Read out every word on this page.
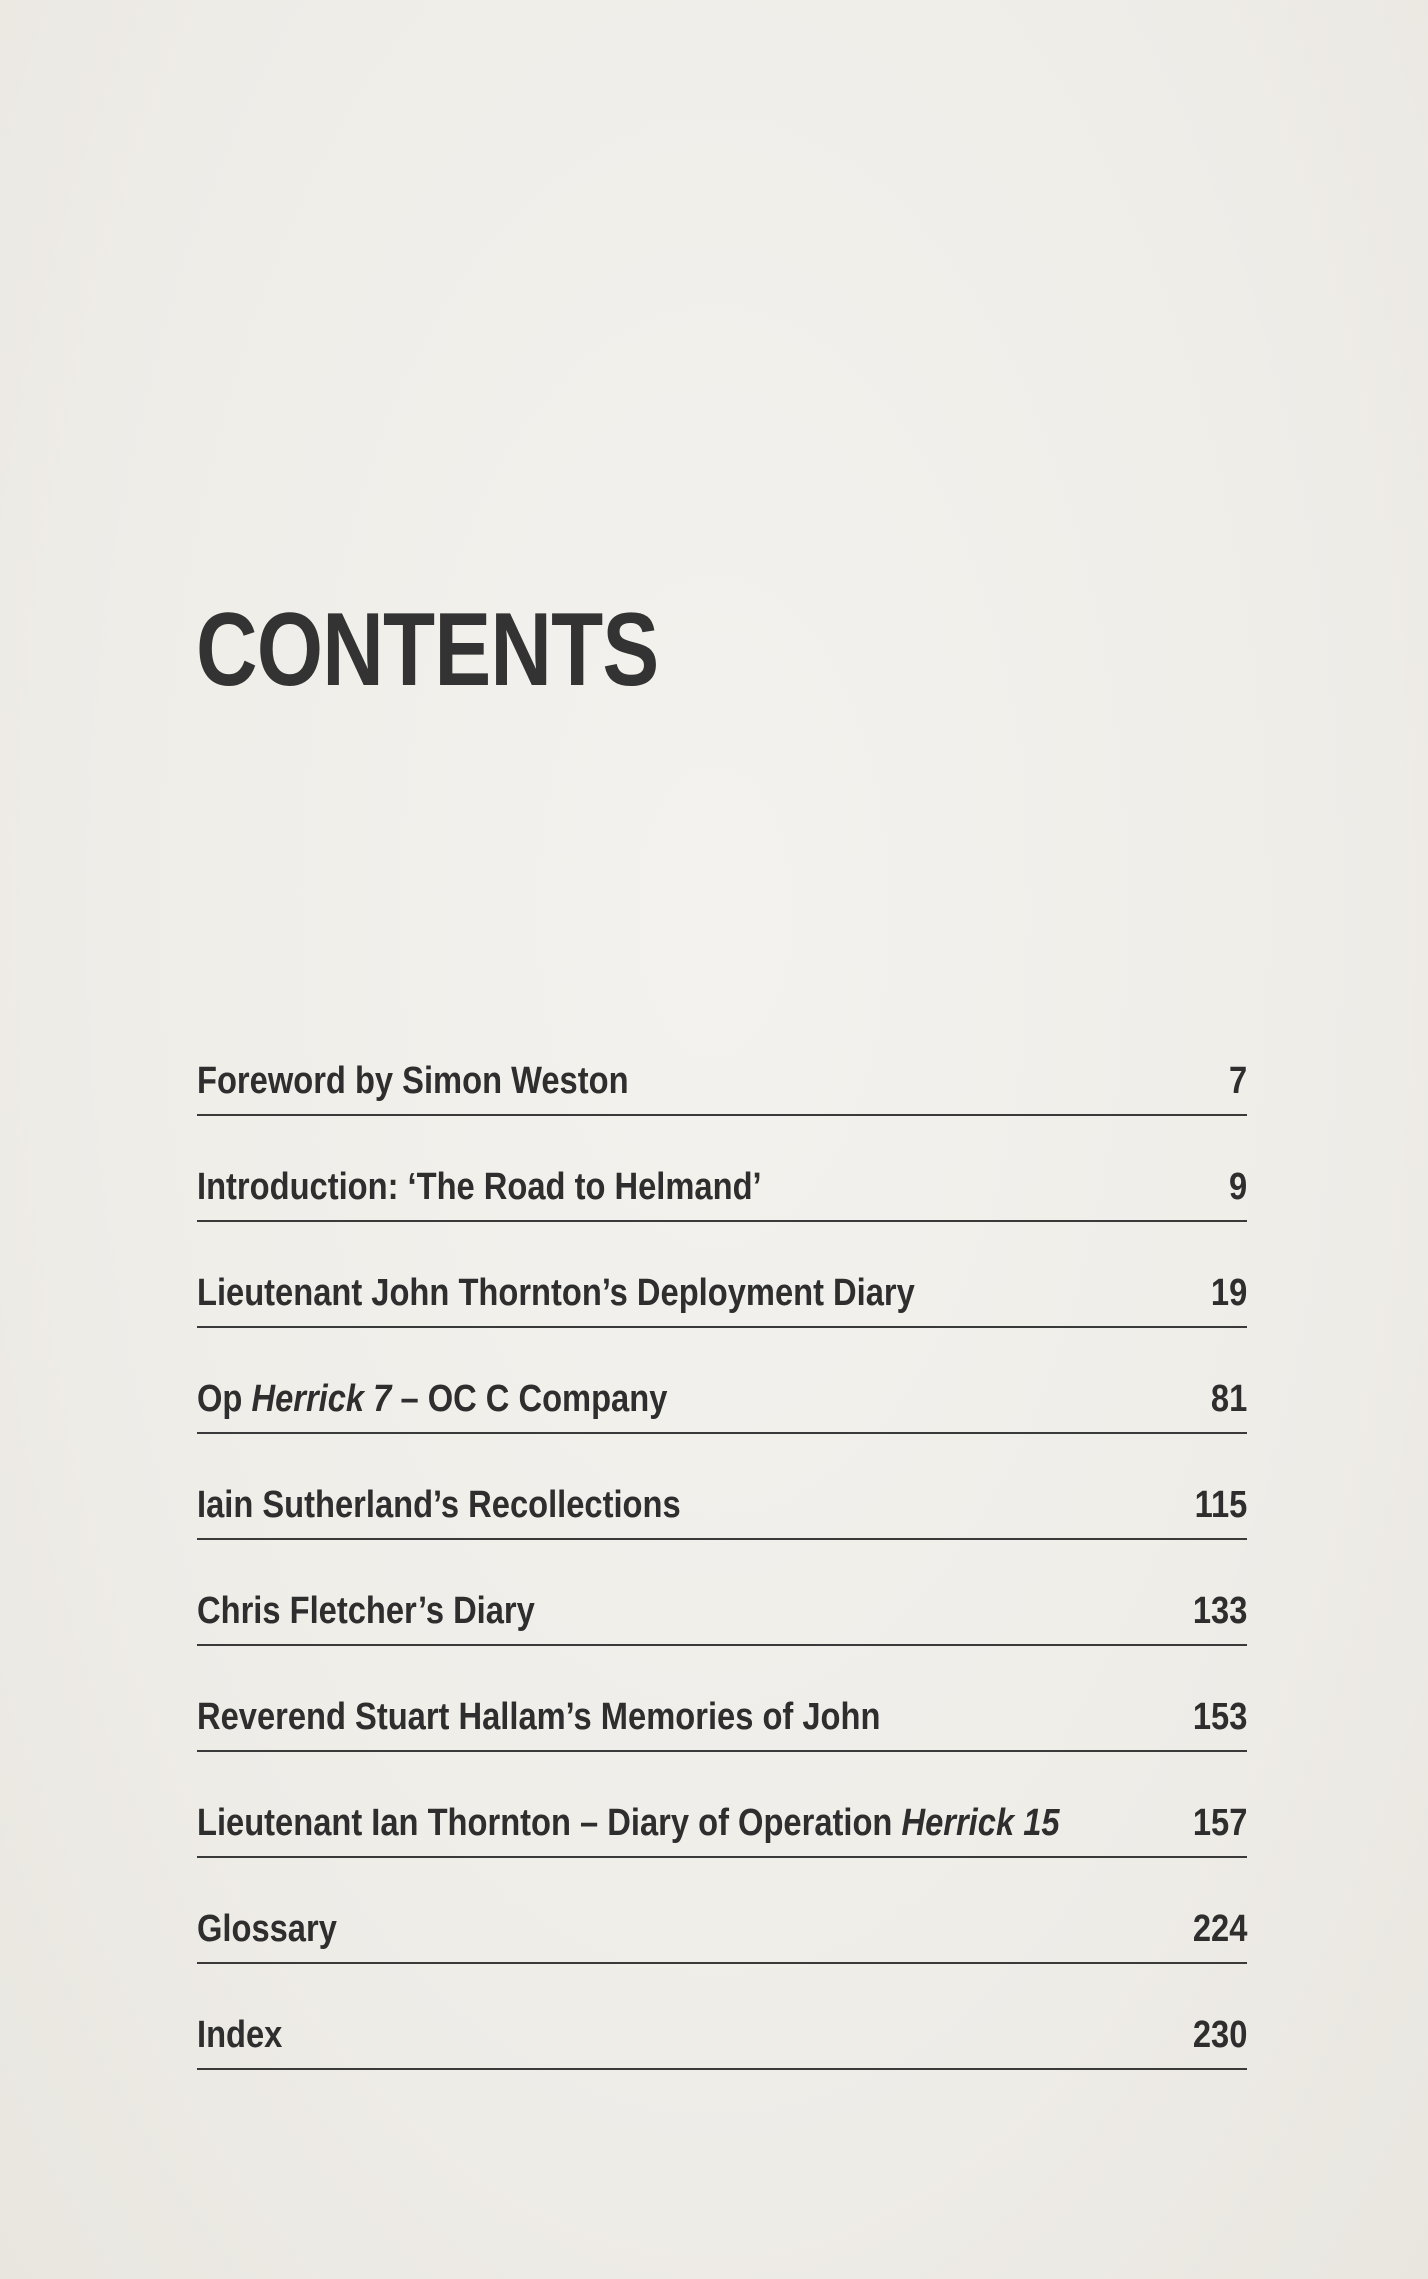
CONTENTS
Foreword by Simon Weston	7
Introduction: ‘The Road to Helmand’	9
Lieutenant John Thornton’s Deployment Diary	19
Op Herrick 7 – OC C Company	81
Iain Sutherland’s Recollections	115
Chris Fletcher’s Diary	133
Reverend Stuart Hallam’s Memories of John	153
Lieutenant Ian Thornton – Diary of Operation Herrick 15	157
Glossary	224
Index	230
